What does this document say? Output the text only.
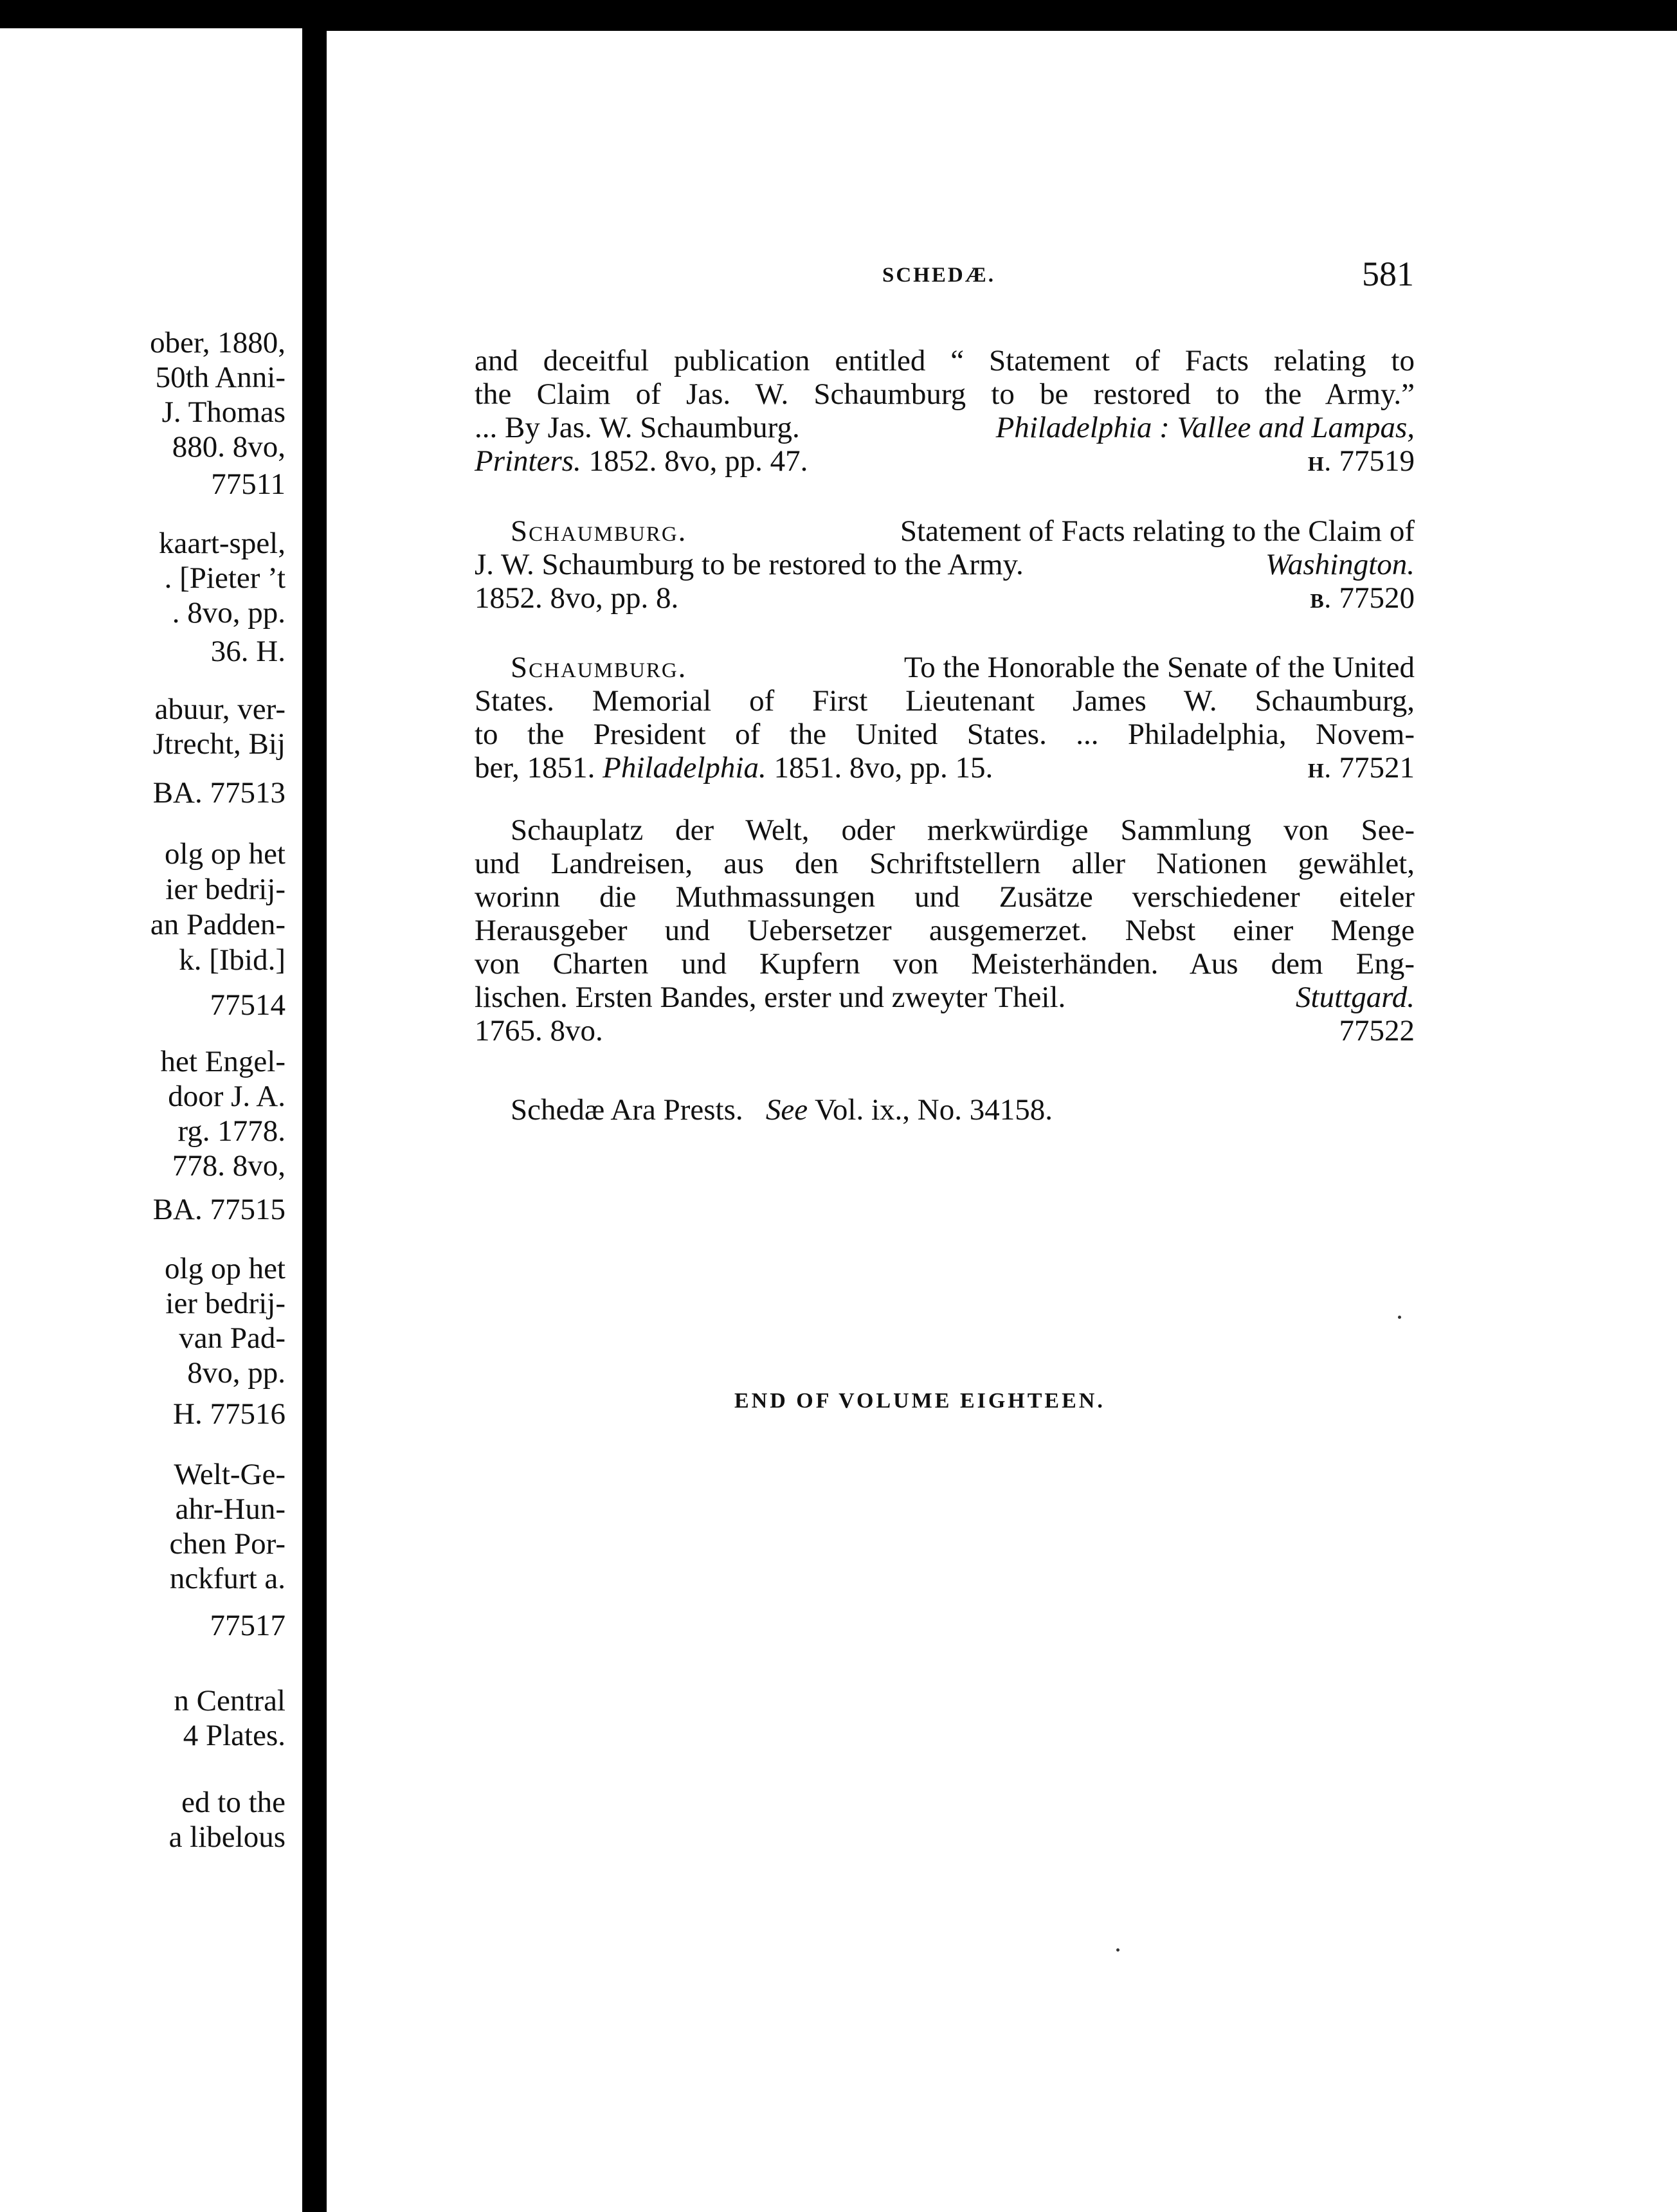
ober, 1880,
50th Anni-
J. Thomas
880. 8vo,
77511
kaart-spel,
. [Pieter ’t
. 8vo, pp.
36. H.
abuur, ver-
Jtrecht, Bij
BA. 77513
olg op het
ier bedrij-
an Padden-
k. [Ibid.]
77514
het Engel-
door J. A.
rg. 1778.
778. 8vo,
BA. 77515
olg op het
ier bedrij-
van Pad-
8vo, pp.
H. 77516
Welt-Ge-
ahr-Hun-
chen Por-
nckfurt a.
77517
n Central
4 Plates.
ed to the
a libelous
SCHEDÆ.	581
and deceitful publication entitled “ Statement of Facts relating to
the Claim of Jas. W. Schaumburg to be restored to the Army.”
... By Jas. W. Schaumburg.	Philadelphia : Vallee and Lampas,
Printers. 1852. 8vo, pp. 47.	H. 77519
Schaumburg.	Statement of Facts relating to the Claim of
J. W. Schaumburg to be restored to the Army.	Washington.
1852. 8vo, pp. 8.	B. 77520
Schaumburg.	To the Honorable the Senate of the United
States. Memorial of First Lieutenant James W. Schaumburg,
to the President of the United States. ... Philadelphia, Novem-
ber, 1851. Philadelphia. 1851. 8vo, pp. 15.	H. 77521
Schauplatz der Welt, oder merkwürdige Sammlung von See-
und Landreisen, aus den Schriftstellern aller Nationen gewählet,
worinn die Muthmassungen und Zusätze verschiedener eiteler
Herausgeber und Uebersetzer ausgemerzet. Nebst einer Menge
von Charten und Kupfern von Meisterhänden. Aus dem Eng-
lischen. Ersten Bandes, erster und zweyter Theil.	Stuttgard.
1765. 8vo.	77522
Schedæ Ara Prests. See Vol. ix., No. 34158.
END OF VOLUME EIGHTEEN.
